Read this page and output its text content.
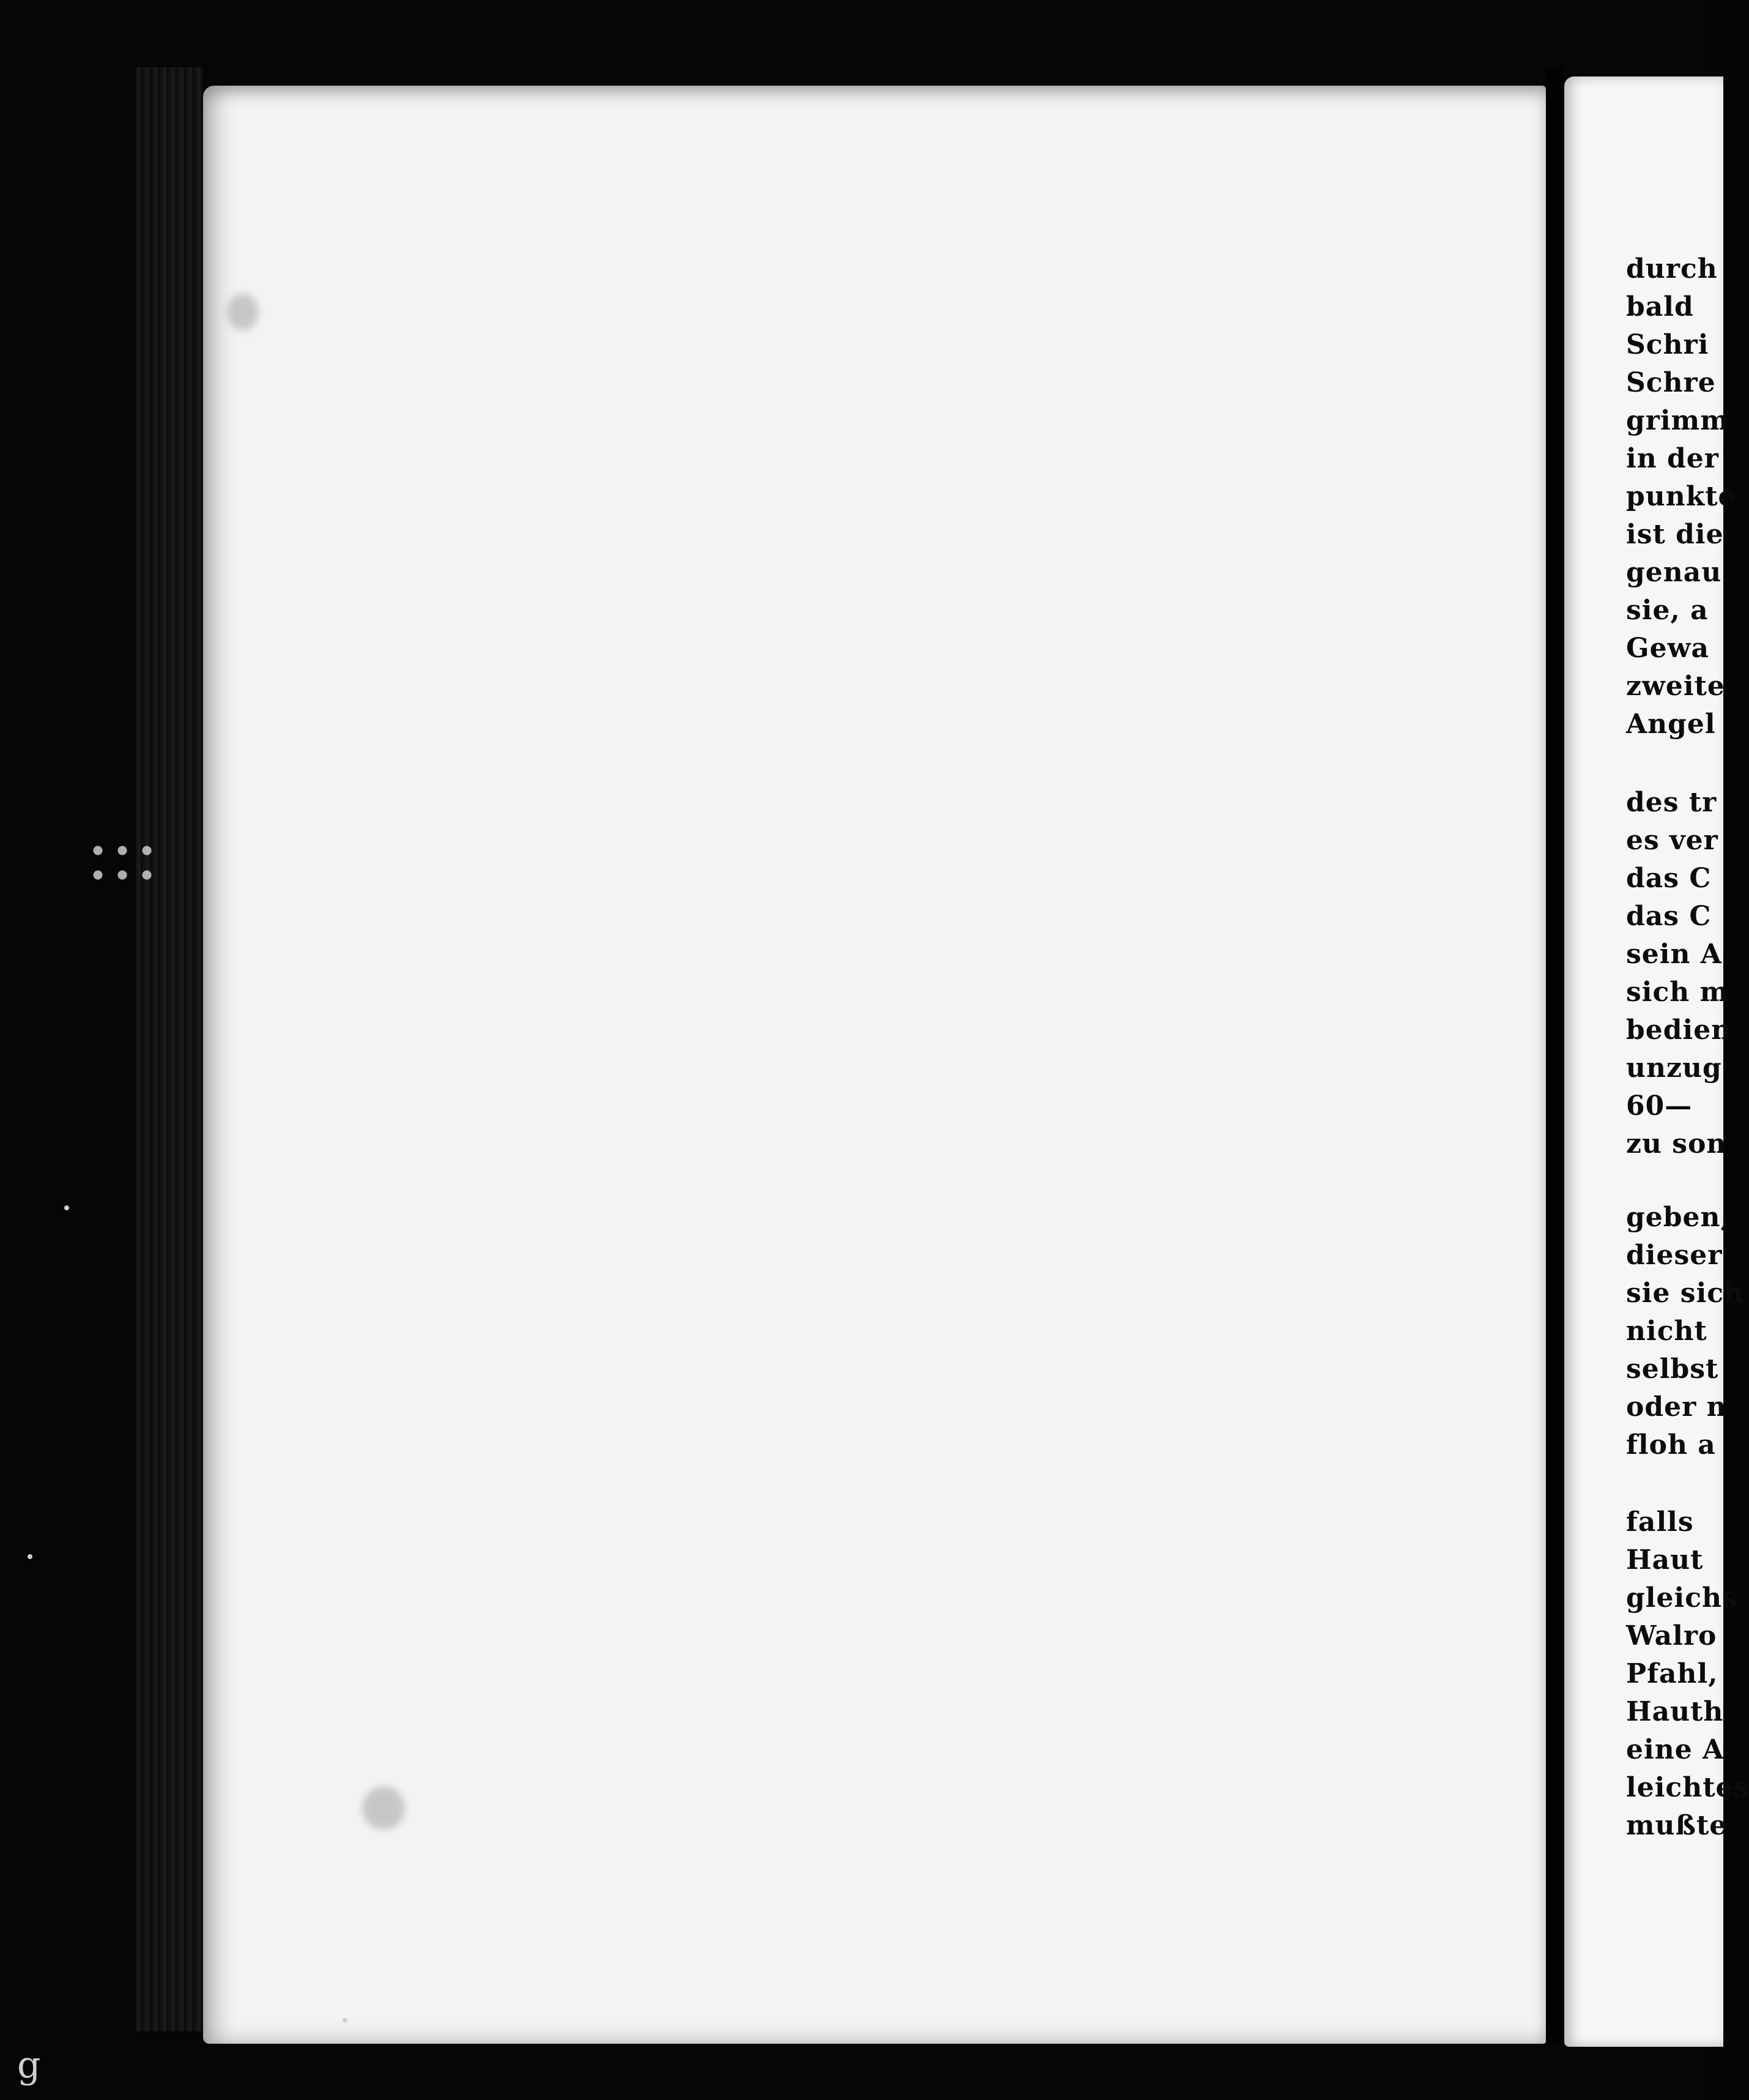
durch
bald
Schri
Schre
grimm
in der
punkte
ist die
genau
sie, a
Gewa
zweite
Angel
des tr
es ver
das C
das C
sein A
sich m
bedien
unzug
60—
zu son
geben,
dieser
sie sich
nicht
selbst
oder n
floh a
falls
Haut
gleichs
Walro
Pfahl,
Hauth
eine A
leichtes
mußte
g
